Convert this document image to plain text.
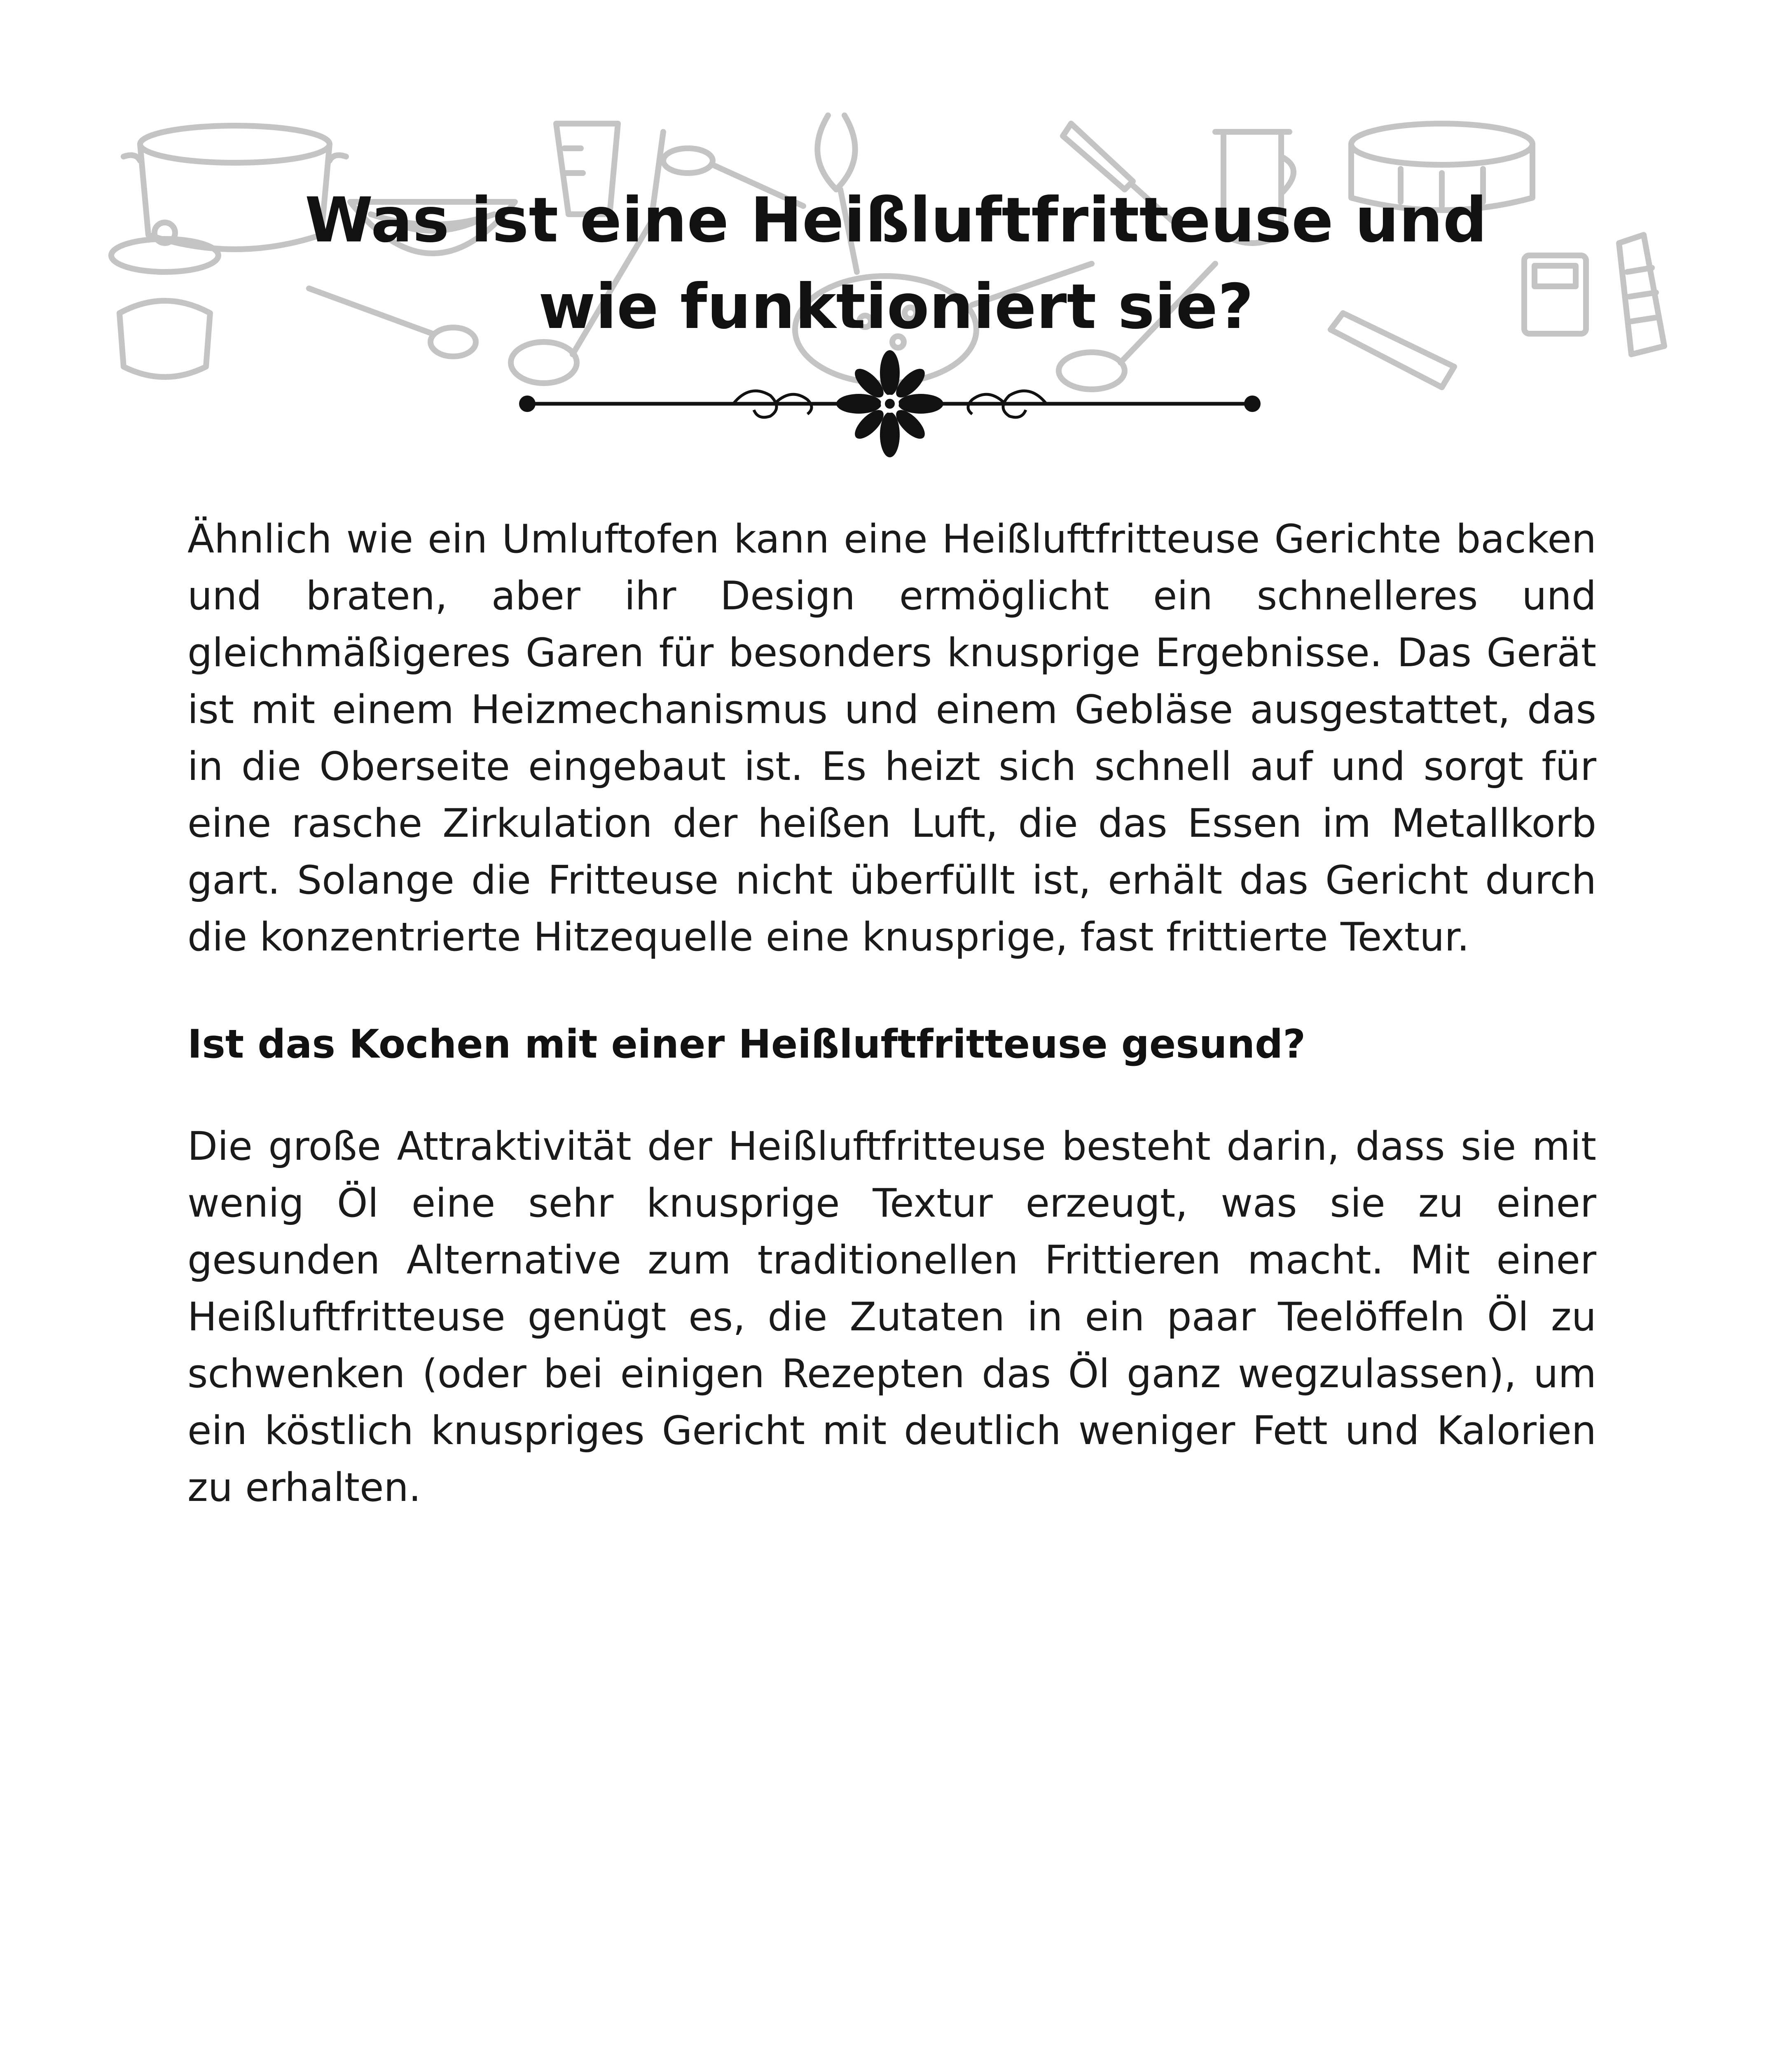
Was ist eine Heißluftfritteuse und
wie funktioniert sie?

Ähnlich wie ein Umluftofen kann eine Heißluftfritteuse Gerichte backen und braten, aber ihr Design ermöglicht ein schnelleres und gleichmäßigeres Garen für besonders knusprige Ergebnisse. Das Gerät ist mit einem Heizmechanismus und einem Gebläse ausgestattet, das in die Oberseite eingebaut ist. Es heizt sich schnell auf und sorgt für eine rasche Zirkulation der heißen Luft, die das Essen im Metallkorb gart. Solange die Fritteuse nicht überfüllt ist, erhält das Gericht durch die konzentrierte Hitzequelle eine knusprige, fast frittierte Textur.

Ist das Kochen mit einer Heißluftfritteuse gesund?

Die große Attraktivität der Heißluftfritteuse besteht darin, dass sie mit wenig Öl eine sehr knusprige Textur erzeugt, was sie zu einer gesunden Alternative zum traditionellen Frittieren macht. Mit einer Heißluftfritteuse genügt es, die Zutaten in ein paar Teelöffeln Öl zu schwenken (oder bei einigen Rezepten das Öl ganz wegzulassen), um ein köstlich knuspriges Gericht mit deutlich weniger Fett und Kalorien zu erhalten.
